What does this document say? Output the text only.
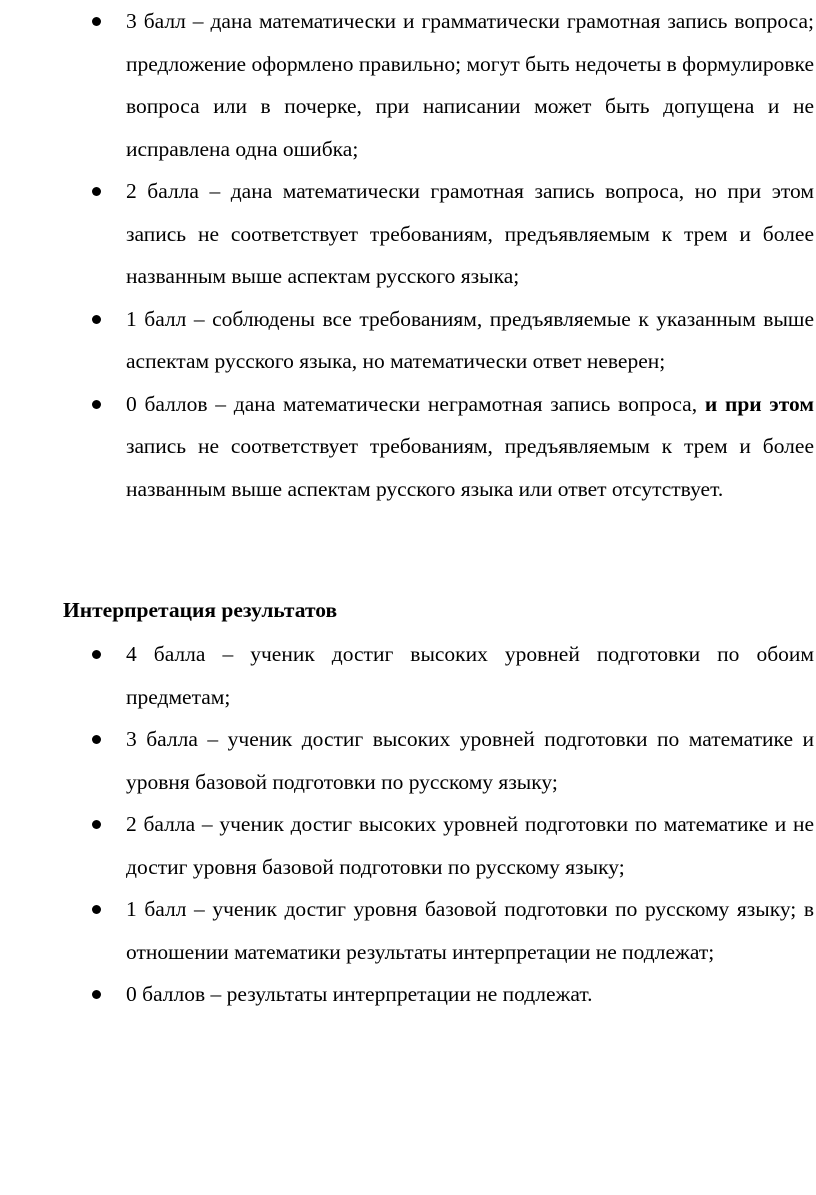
3 балл – дана математически и грамматически грамотная запись вопроса; предложение оформлено правильно; могут быть недочеты в формулировке вопроса или в почерке, при написании может быть допущена и не исправлена одна ошибка;
2 балла – дана математически грамотная запись вопроса, но при этом запись не соответствует требованиям, предъявляемым к трем и более названным выше аспектам русского языка;
1 балл – соблюдены все требованиям, предъявляемые к указанным выше аспектам русского языка, но математически ответ неверен;
0 баллов – дана математически неграмотная запись вопроса, и при этом запись не соответствует требованиям, предъявляемым к трем и более названным выше аспектам русского языка или ответ отсутствует.

Интерпретация результатов

4 балла – ученик достиг высоких уровней подготовки по обоим предметам;
3 балла – ученик достиг высоких уровней подготовки по математике и уровня базовой подготовки по русскому языку;
2 балла – ученик достиг высоких уровней подготовки по математике и не достиг уровня базовой подготовки по русскому языку;
1 балл – ученик достиг уровня базовой подготовки по русскому языку; в отношении математики результаты интерпретации не подлежат;
0 баллов – результаты интерпретации не подлежат.
